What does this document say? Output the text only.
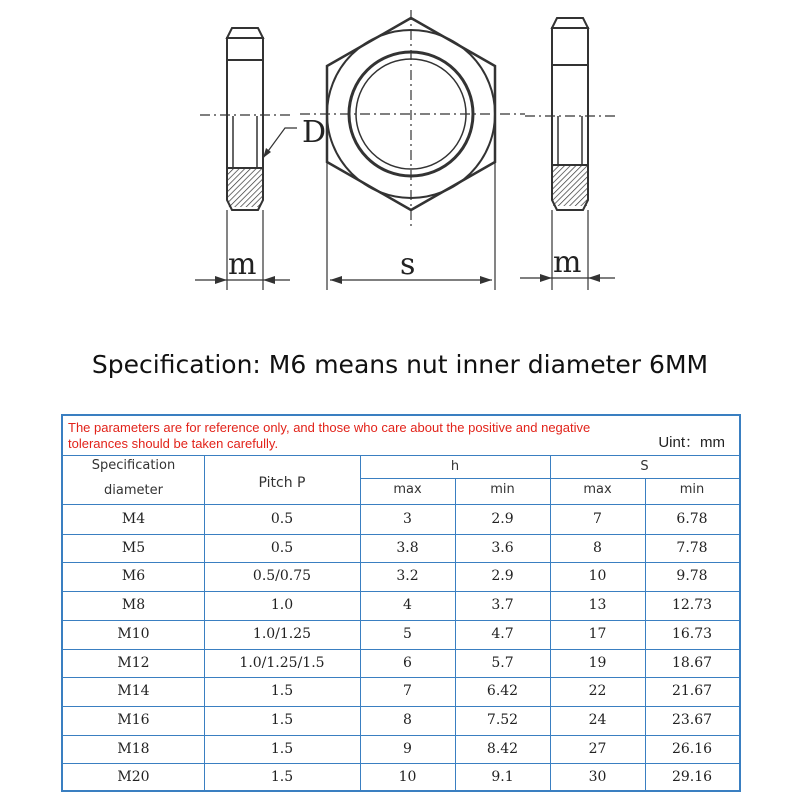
D
s
m	m
Specification: M6 means nut inner diameter 6MM
The parameters are for reference only, and those who care about the positive and negative tolerances should be taken carefully.	Uint：mm
Specification
diameter	Pitch P
h	S
max	min	max	min
M4	0.5	3	2.9	7	6.78
M5	0.5	3.8	3.6	8	7.78
M6	0.5/0.75	3.2	2.9	10	9.78
M8	1.0	4	3.7	13	12.73
M10	1.0/1.25	5	4.7	17	16.73
M12	1.0/1.25/1.5	6	5.7	19	18.67
M14	1.5	7	6.42	22	21.67
M16	1.5	8	7.52	24	23.67
M18	1.5	9	8.42	27	26.16
M20	1.5	10	9.1	30	29.16
